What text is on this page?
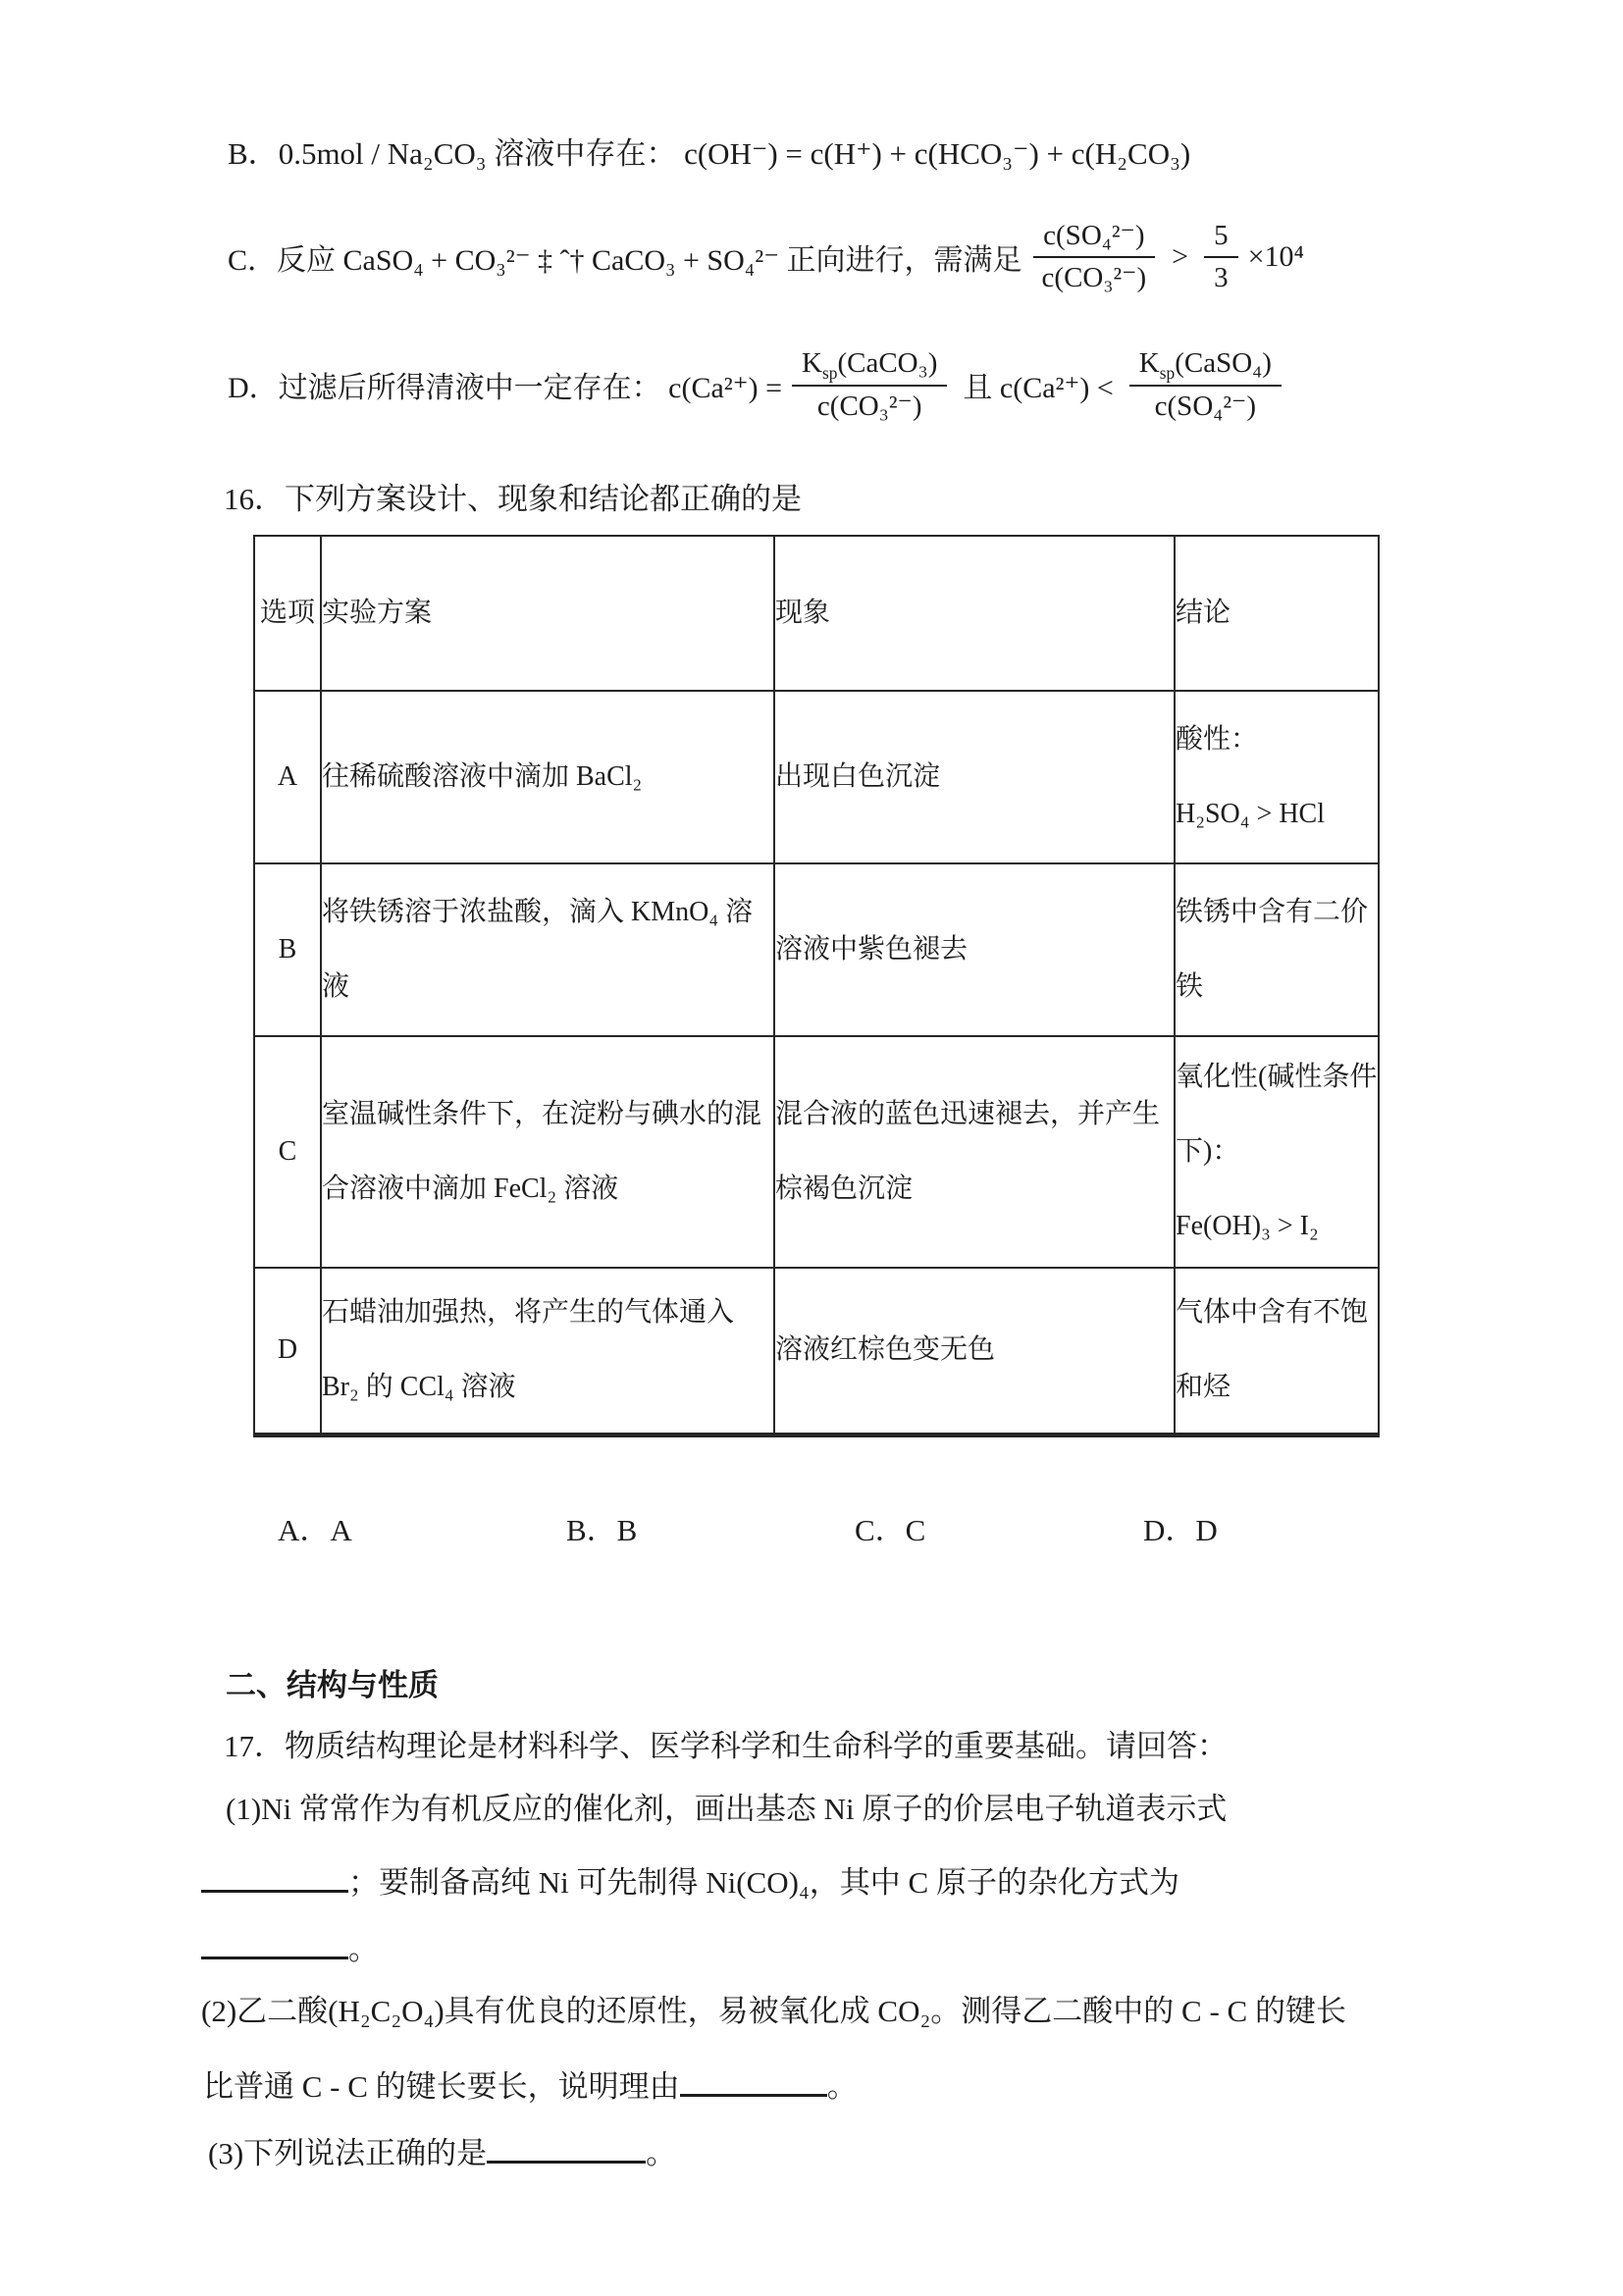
B．0.5mol / Na₂CO₃ 溶液中存在： c(OH⁻) = c(H⁺) + c(HCO₃⁻) + c(H₂CO₃)
C． 反应 CaSO₄ + CO₃²⁻ ‡ ˆ† CaCO₃ + SO₄²⁻ 正向进行，需满足 $\frac{\text{c(SO₄²⁻)}}{\text{c(CO₃²⁻)}} > \frac{5}{3} \times 10^4$
D． 过滤后所得清液中一定存在： $c(Ca^{2+}) = \frac{K_{sp}(CaCO_3)}{\text{c(CO₃²⁻)}}$ 且 $c(Ca^{2+}) < \frac{K_{sp}(CaSO_4)}{\text{c(SO₄²⁻)}}$
16．下列方案设计、现象和结论都正确的是
选项	实验方案	现象	结论
A	往稀硫酸溶液中滴加 BaCl₂	出现白色沉淀	酸性：
H₂SO₄ > HCl

B	将铁锈溶于浓盐酸，滴入 KMnO₄ 溶液	溶液中紫色褪去	铁锈中含有二价铁
C	室温碱性条件下，在淀粉与碘水的混合溶液中滴加 FeCl₂ 溶液	混合液的蓝色迅速褪去，并产生棕褐色沉淀	氧化性(碱性条件下)：
Fe(OH)₃ > I₂

D	石蜡油加强热，将产生的气体通入 Br₂ 的 CCl₄ 溶液	溶液红棕色变无色	气体中含有不饱和烃
A．A	B．B	C．C	D．D
二、结构与性质
17．物质结构理论是材料科学、医学科学和生命科学的重要基础。请回答：
(1)Ni 常常作为有机反应的催化剂，画出基态 Ni 原子的价层电子轨道表示式
；要制备高纯 Ni 可先制得 Ni(CO)₄，其中 C 原子的杂化方式为
。
(2)乙二酸(H₂C₂O₄)具有优良的还原性，易被氧化成 CO₂。测得乙二酸中的 C - C 的键长
比普通 C - C 的键长要长，说明理由	。
(3)下列说法正确的是	。
